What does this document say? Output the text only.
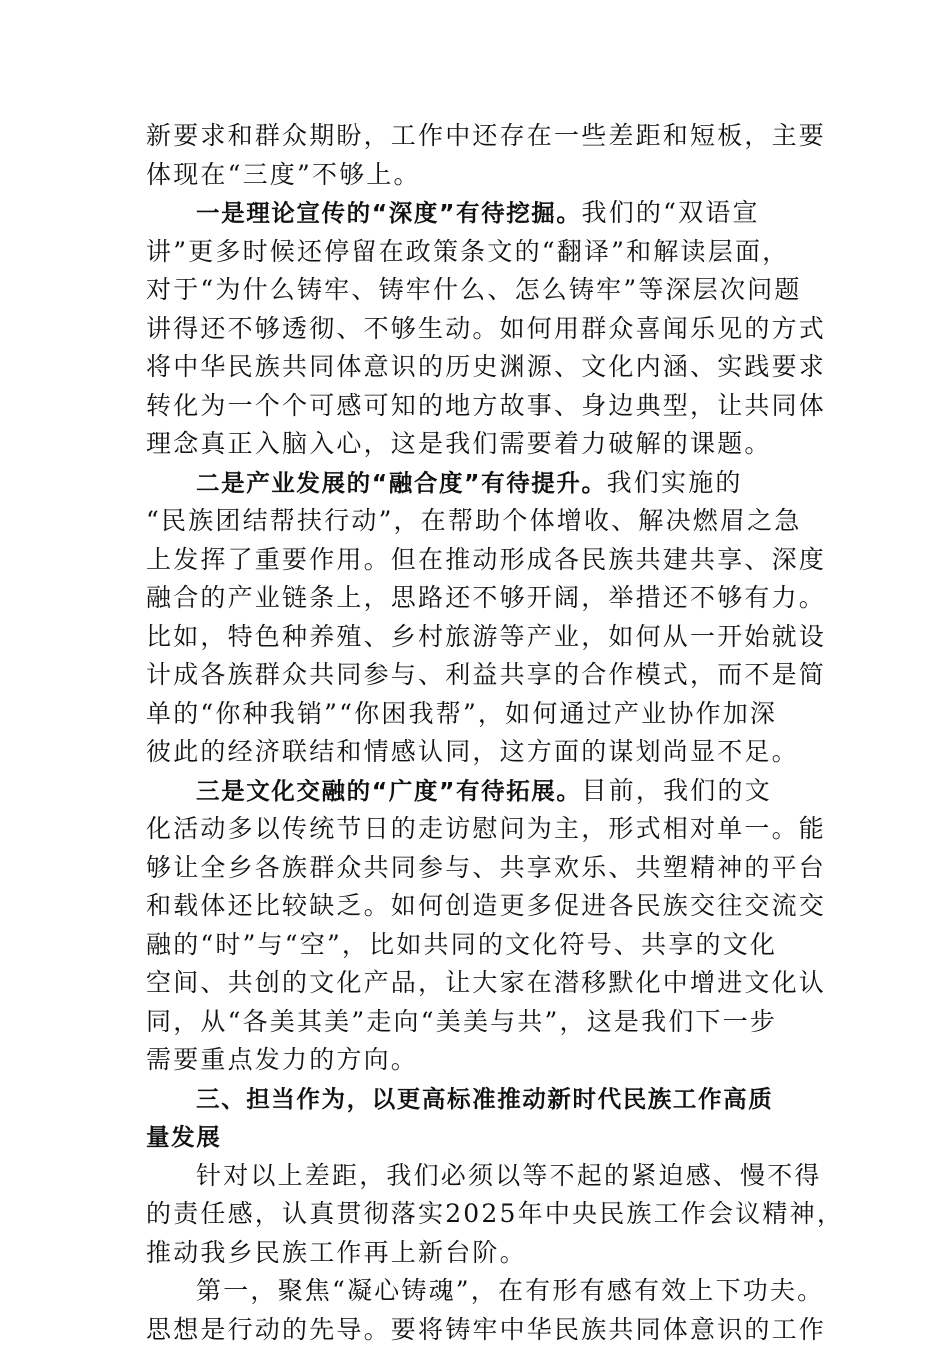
新要求和群众期盼，工作中还存在一些差距和短板，主要
体现在“三度”不够上。
一是理论宣传的“深度”有待挖掘。我们的“双语宣
讲”更多时候还停留在政策条文的“翻译”和解读层面，
对于“为什么铸牢、铸牢什么、怎么铸牢”等深层次问题
讲得还不够透彻、不够生动。如何用群众喜闻乐见的方式
将中华民族共同体意识的历史渊源、文化内涵、实践要求
转化为一个个可感可知的地方故事、身边典型，让共同体
理念真正入脑入心，这是我们需要着力破解的课题。
二是产业发展的“融合度”有待提升。我们实施的
“民族团结帮扶行动”，在帮助个体增收、解决燃眉之急
上发挥了重要作用。但在推动形成各民族共建共享、深度
融合的产业链条上，思路还不够开阔，举措还不够有力。
比如，特色种养殖、乡村旅游等产业，如何从一开始就设
计成各族群众共同参与、利益共享的合作模式，而不是简
单的“你种我销”“你困我帮”，如何通过产业协作加深
彼此的经济联结和情感认同，这方面的谋划尚显不足。
三是文化交融的“广度”有待拓展。目前，我们的文
化活动多以传统节日的走访慰问为主，形式相对单一。能
够让全乡各族群众共同参与、共享欢乐、共塑精神的平台
和载体还比较缺乏。如何创造更多促进各民族交往交流交
融的“时”与“空”，比如共同的文化符号、共享的文化
空间、共创的文化产品，让大家在潜移默化中增进文化认
同，从“各美其美”走向“美美与共”，这是我们下一步
需要重点发力的方向。
三、担当作为，以更高标准推动新时代民族工作高质
量发展
针对以上差距，我们必须以等不起的紧迫感、慢不得
的责任感，认真贯彻落实2025年中央民族工作会议精神，
推动我乡民族工作再上新台阶。
第一，聚焦“凝心铸魂”，在有形有感有效上下功夫。
思想是行动的先导。要将铸牢中华民族共同体意识的工作
